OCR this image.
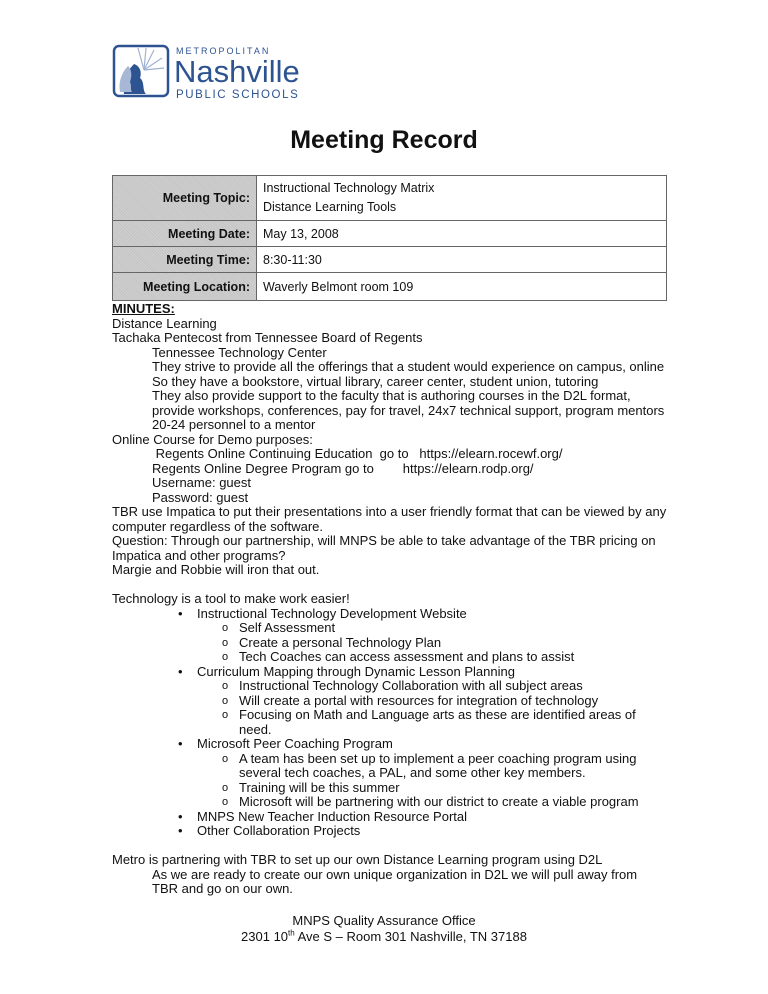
METROPOLITAN
Nashville
PUBLIC SCHOOLS
Meeting Record
Meeting Topic:	Instructional Technology Matrix
Distance Learning Tools

Meeting Date:	May 13, 2008
Meeting Time:	8:30-11:30
Meeting Location:	Waverly Belmont room 109
MINUTES:
Distance Learning
Tachaka Pentecost from Tennessee Board of Regents
Tennessee Technology Center
They strive to provide all the offerings that a student would experience on campus, online
So they have a bookstore, virtual library, career center, student union, tutoring
They also provide support to the faculty that is authoring courses in the D2L format,
provide workshops, conferences, pay for travel, 24x7 technical support, program mentors
20-24 personnel to a mentor
Online Course for Demo purposes:
Regents Online Continuing Education  go to   https://elearn.rocewf.org/
Regents Online Degree Program go to        https://elearn.rodp.org/
Username: guest
Password: guest
TBR use Impatica to put their presentations into a user friendly format that can be viewed by any
computer regardless of the software.
Question: Through our partnership, will MNPS be able to take advantage of the TBR pricing on
Impatica and other programs?
Margie and Robbie will iron that out.
Technology is a tool to make work easier!
• Instructional Technology Development Website
o Self Assessment
o Create a personal Technology Plan
o Tech Coaches can access assessment and plans to assist
• Curriculum Mapping through Dynamic Lesson Planning
o Instructional Technology Collaboration with all subject areas
o Will create a portal with resources for integration of technology
o Focusing on Math and Language arts as these are identified areas of
need.
• Microsoft Peer Coaching Program
o A team has been set up to implement a peer coaching program using
several tech coaches, a PAL, and some other key members.
o Training will be this summer
o Microsoft will be partnering with our district to create a viable program
• MNPS New Teacher Induction Resource Portal
• Other Collaboration Projects
Metro is partnering with TBR to set up our own Distance Learning program using D2L
As we are ready to create our own unique organization in D2L we will pull away from
TBR and go on our own.
MNPS Quality Assurance Office
2301 10th Ave S – Room 301 Nashville, TN 37188
